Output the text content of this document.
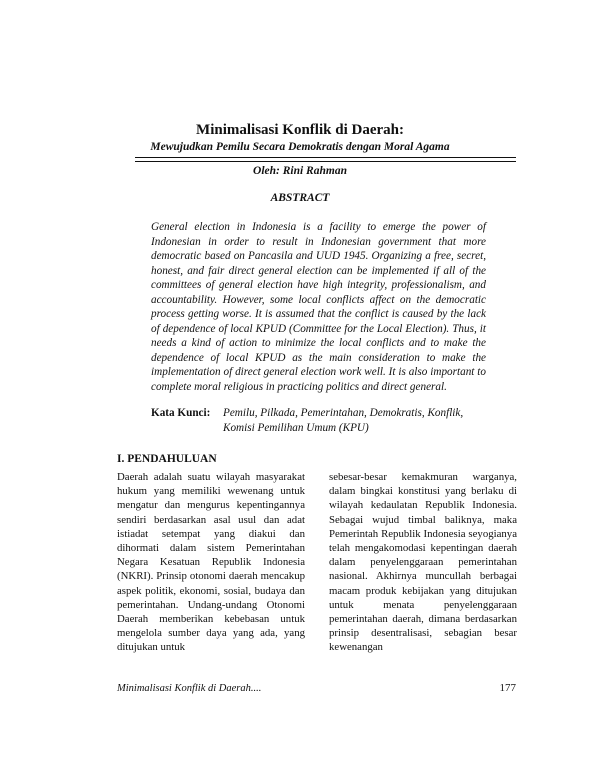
Minimalisasi Konflik di Daerah:
Mewujudkan Pemilu Secara Demokratis dengan Moral Agama
Oleh: Rini Rahman
ABSTRACT

General election in Indonesia is a facility to emerge the power of Indonesian in order to result in Indonesian government that more democratic based on Pancasila and UUD 1945. Organizing a free, secret, honest, and fair direct general election can be implemented if all of the committees of general election have high integrity, professionalism, and accountability. However, some local conflicts affect on the democratic process getting worse. It is assumed that the conflict is caused by the lack of dependence of local KPUD (Committee for the Local Election). Thus, it needs a kind of action to minimize the local conflicts and to make the dependence of local KPUD as the main consideration to make the implementation of direct general election work well. It is also important to complete moral religious in practicing politics and direct general.

Kata Kunci: Pemilu, Pilkada, Pemerintahan, Demokratis, Konflik, Komisi Pemilihan Umum (KPU)
I. PENDAHULUAN

Daerah adalah suatu wilayah masyarakat hukum yang memiliki wewenang untuk mengatur dan mengurus kepentingannya sendiri berdasarkan asal usul dan adat istiadat setempat yang diakui dan dihormati dalam sistem Pemerintahan Negara Kesatuan Republik Indonesia (NKRI). Prinsip otonomi daerah mencakup aspek politik, ekonomi, sosial, budaya dan pemerintahan. Undang-undang Otonomi Daerah memberikan kebebasan untuk mengelola sumber daya yang ada, yang ditujukan untuk

sebesar-besar kemakmuran warganya, dalam bingkai konstitusi yang berlaku di wilayah kedaulatan Republik Indonesia. Sebagai wujud timbal baliknya, maka Pemerintah Republik Indonesia seyogianya telah mengakomodasi kepentingan daerah dalam penyelenggaraan pemerintahan nasional. Akhirnya muncullah berbagai macam produk kebijakan yang ditujukan untuk menata penyelenggaraan pemerintahan daerah, dimana berdasarkan prinsip desentralisasi, sebagian besar kewenangan

Minimalisasi Konflik di Daerah....	177
